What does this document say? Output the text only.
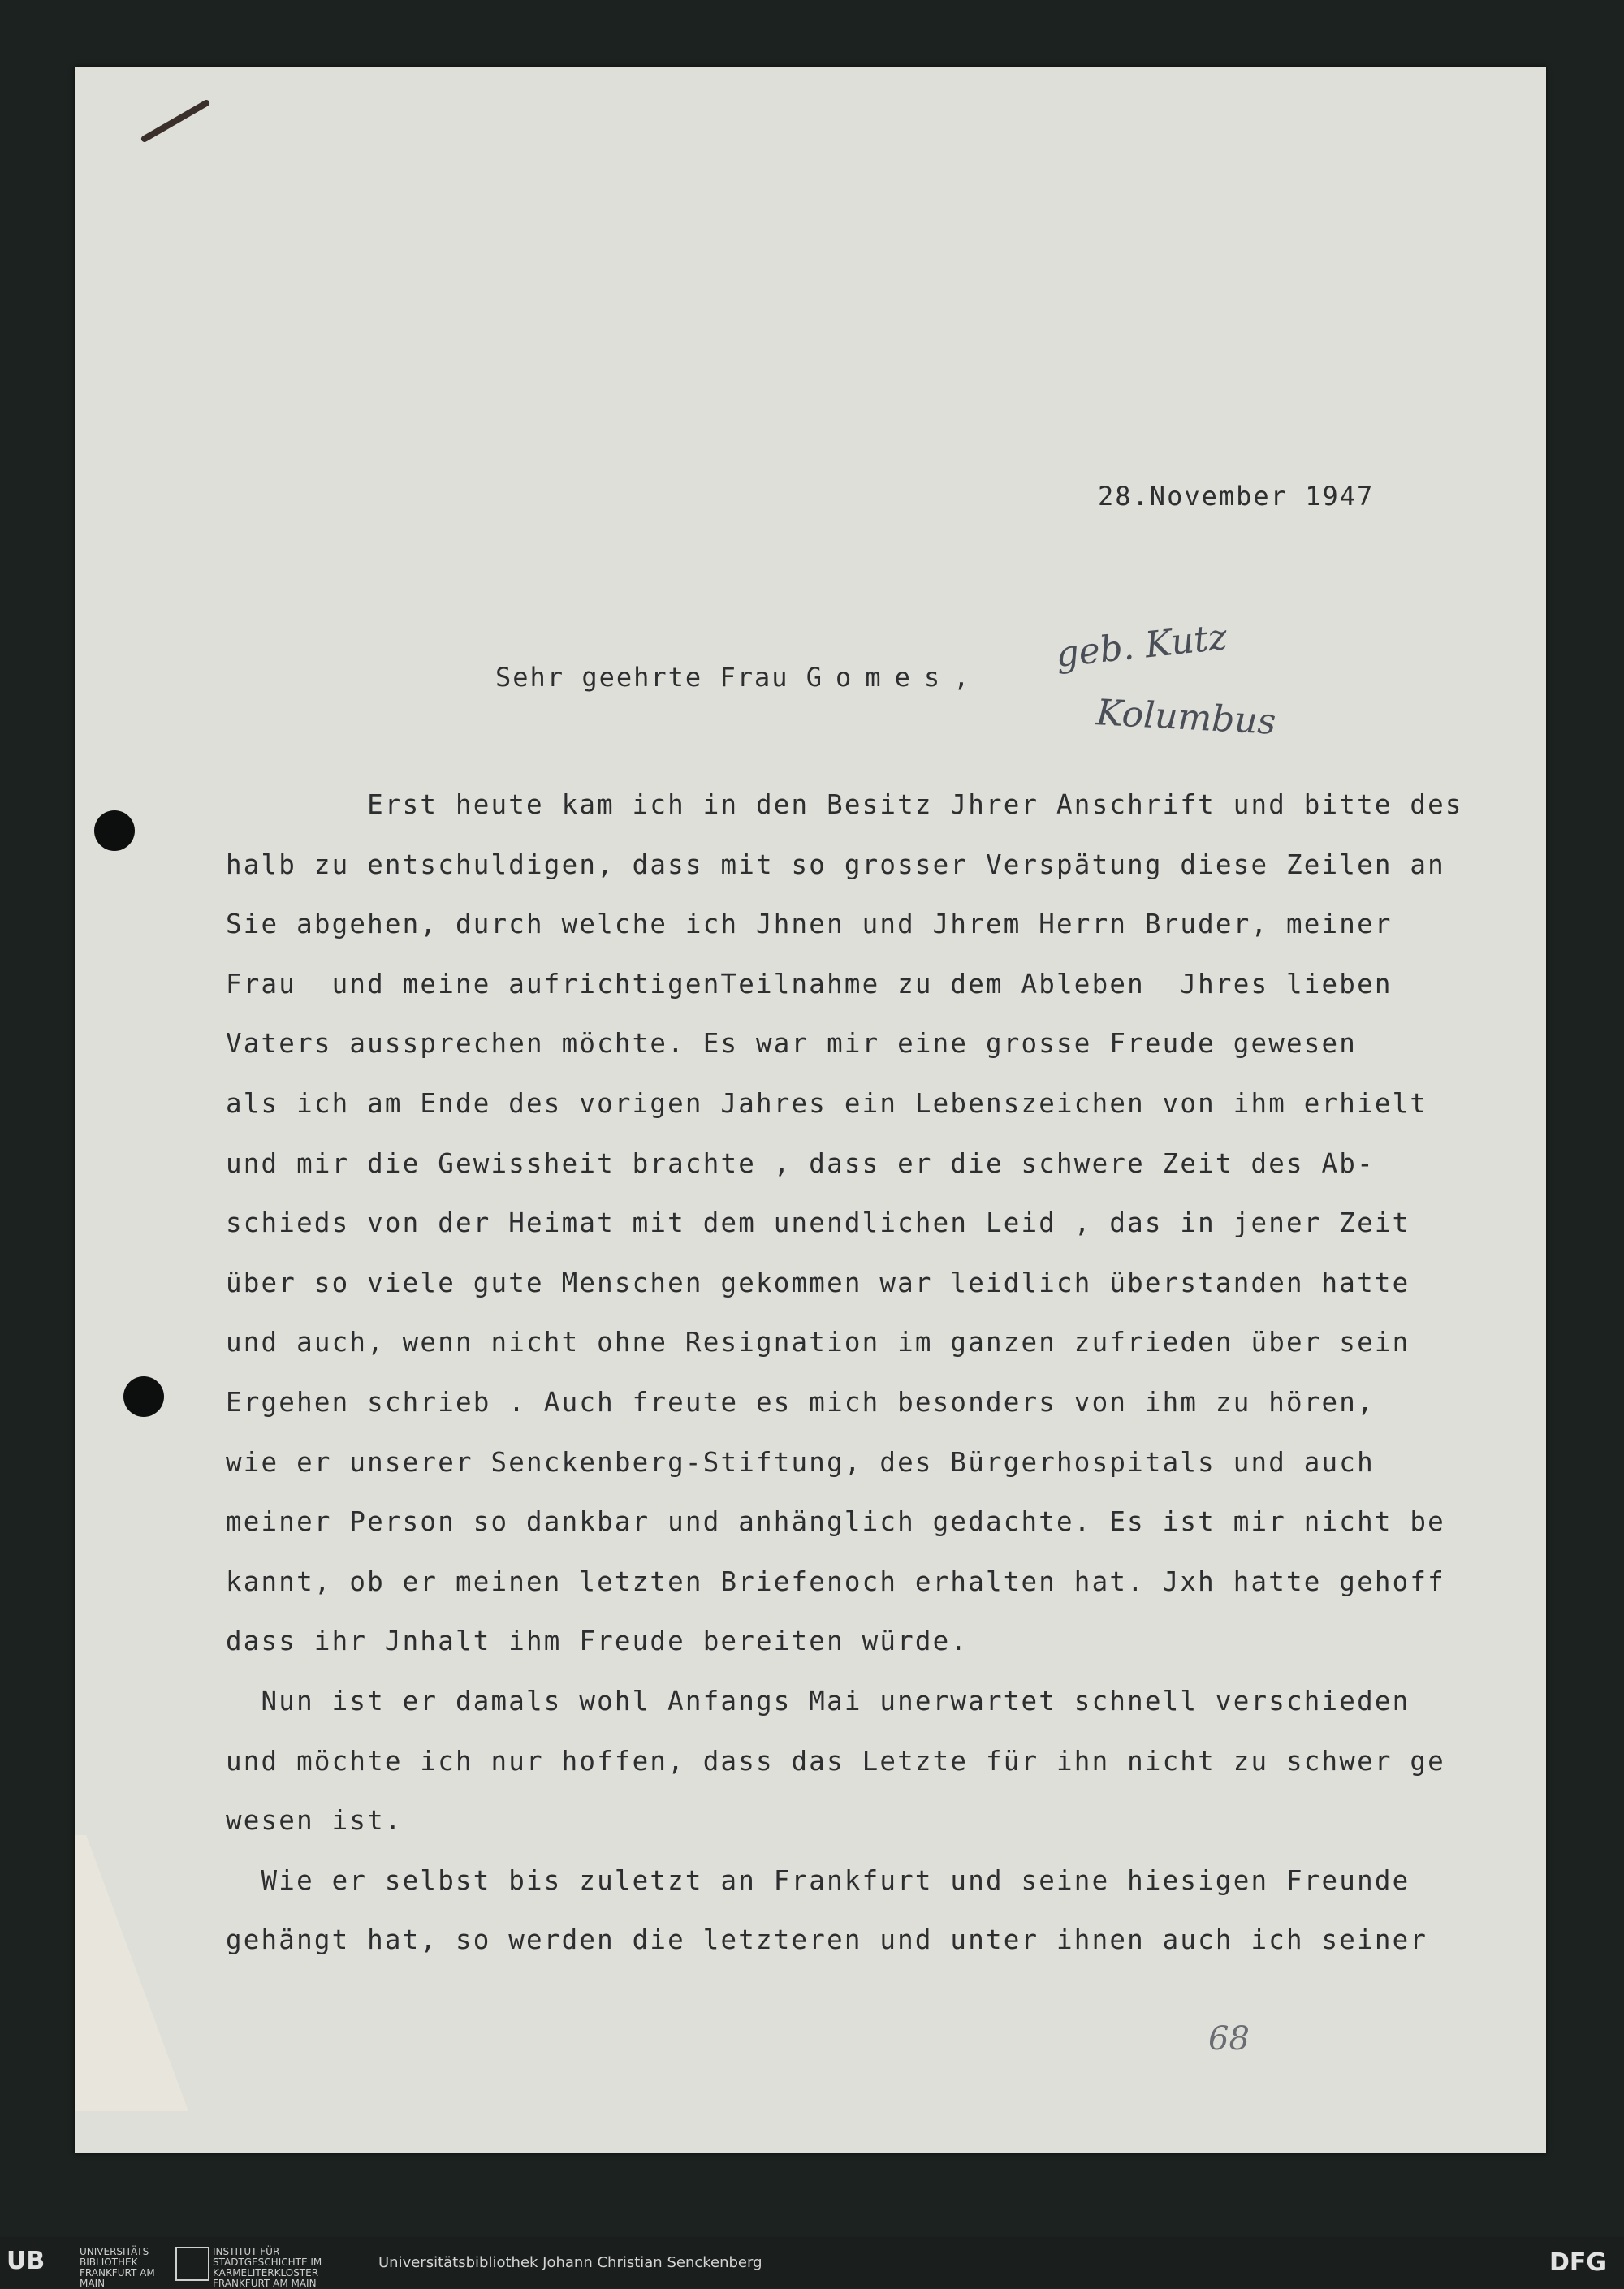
28.November 1947
Sehr geehrte Frau Gomes,
geb. Kutz
Kolumbus
Erst heute kam ich in den Besitz Jhrer Anschrift und bitte des
halb zu entschuldigen, dass mit so grosser Verspätung diese Zeilen an
Sie abgehen, durch welche ich Jhnen und Jhrem Herrn Bruder, meiner
Frau  und meine aufrichtigenTeilnahme zu dem Ableben  Jhres lieben
Vaters aussprechen möchte. Es war mir eine grosse Freude gewesen
als ich am Ende des vorigen Jahres ein Lebenszeichen von ihm erhielt
und mir die Gewissheit brachte , dass er die schwere Zeit des Ab-
schieds von der Heimat mit dem unendlichen Leid , das in jener Zeit
über so viele gute Menschen gekommen war leidlich überstanden hatte
und auch, wenn nicht ohne Resignation im ganzen zufrieden über sein
Ergehen schrieb . Auch freute es mich besonders von ihm zu hören,
wie er unserer Senckenberg-Stiftung, des Bürgerhospitals und auch
meiner Person so dankbar und anhänglich gedachte. Es ist mir nicht be
kannt, ob er meinen letzten Briefenoch erhalten hat. Jxh hatte gehoff
dass ihr Jnhalt ihm Freude bereiten würde.
Nun ist er damals wohl Anfangs Mai unerwartet schnell verschieden
und möchte ich nur hoffen, dass das Letzte für ihn nicht zu schwer ge
wesen ist.
Wie er selbst bis zuletzt an Frankfurt und seine hiesigen Freunde
gehängt hat, so werden die letzteren und unter ihnen auch ich seiner
68
UB	UNIVERSITÄTS BIBLIOTHEK FRANKFURT AM MAIN
INSTITUT FÜR STADTGESCHICHTE IM KARMELITERKLOSTER FRANKFURT AM MAIN
Universitätsbibliothek Johann Christian Senckenberg	DFG
